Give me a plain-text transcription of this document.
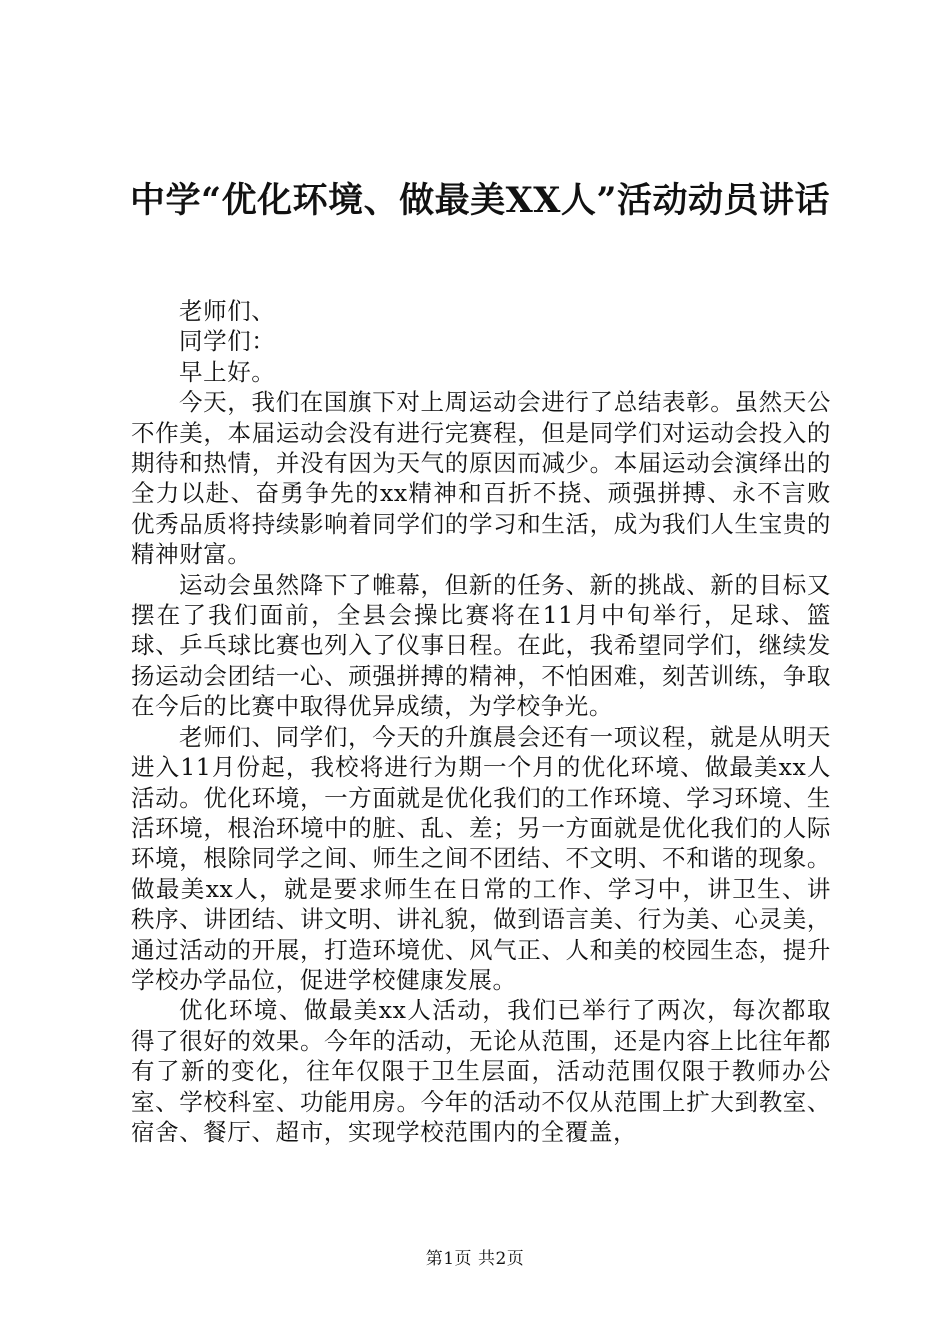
中学“优化环境、做最美XX人”活动动员讲话

老师们、

同学们：

早上好。

今天，我们在国旗下对上周运动会进行了总结表彰。虽然天公不作美，本届运动会没有进行完赛程，但是同学们对运动会投入的期待和热情，并没有因为天气的原因而减少。本届运动会演绎出的全力以赴、奋勇争先的xx精神和百折不挠、顽强拼搏、永不言败优秀品质将持续影响着同学们的学习和生活，成为我们人生宝贵的精神财富。

运动会虽然降下了帷幕，但新的任务、新的挑战、新的目标又摆在了我们面前，全县会操比赛将在11月中旬举行，足球、篮球、乒乓球比赛也列入了仪事日程。在此，我希望同学们，继续发扬运动会团结一心、顽强拼搏的精神，不怕困难，刻苦训练，争取在今后的比赛中取得优异成绩，为学校争光。

老师们、同学们，今天的升旗晨会还有一项议程，就是从明天进入11月份起，我校将进行为期一个月的优化环境、做最美xx人活动。优化环境，一方面就是优化我们的工作环境、学习环境、生活环境，根治环境中的脏、乱、差；另一方面就是优化我们的人际环境，根除同学之间、师生之间不团结、不文明、不和谐的现象。做最美xx人，就是要求师生在日常的工作、学习中，讲卫生、讲秩序、讲团结、讲文明、讲礼貌，做到语言美、行为美、心灵美，通过活动的开展，打造环境优、风气正、人和美的校园生态，提升学校办学品位，促进学校健康发展。

优化环境、做最美xx人活动，我们已举行了两次，每次都取得了很好的效果。今年的活动，无论从范围，还是内容上比往年都有了新的变化，往年仅限于卫生层面，活动范围仅限于教师办公室、学校科室、功能用房。今年的活动不仅从范围上扩大到教室、宿舍、餐厅、超市，实现学校范围内的全覆盖，

第1页 共2页
